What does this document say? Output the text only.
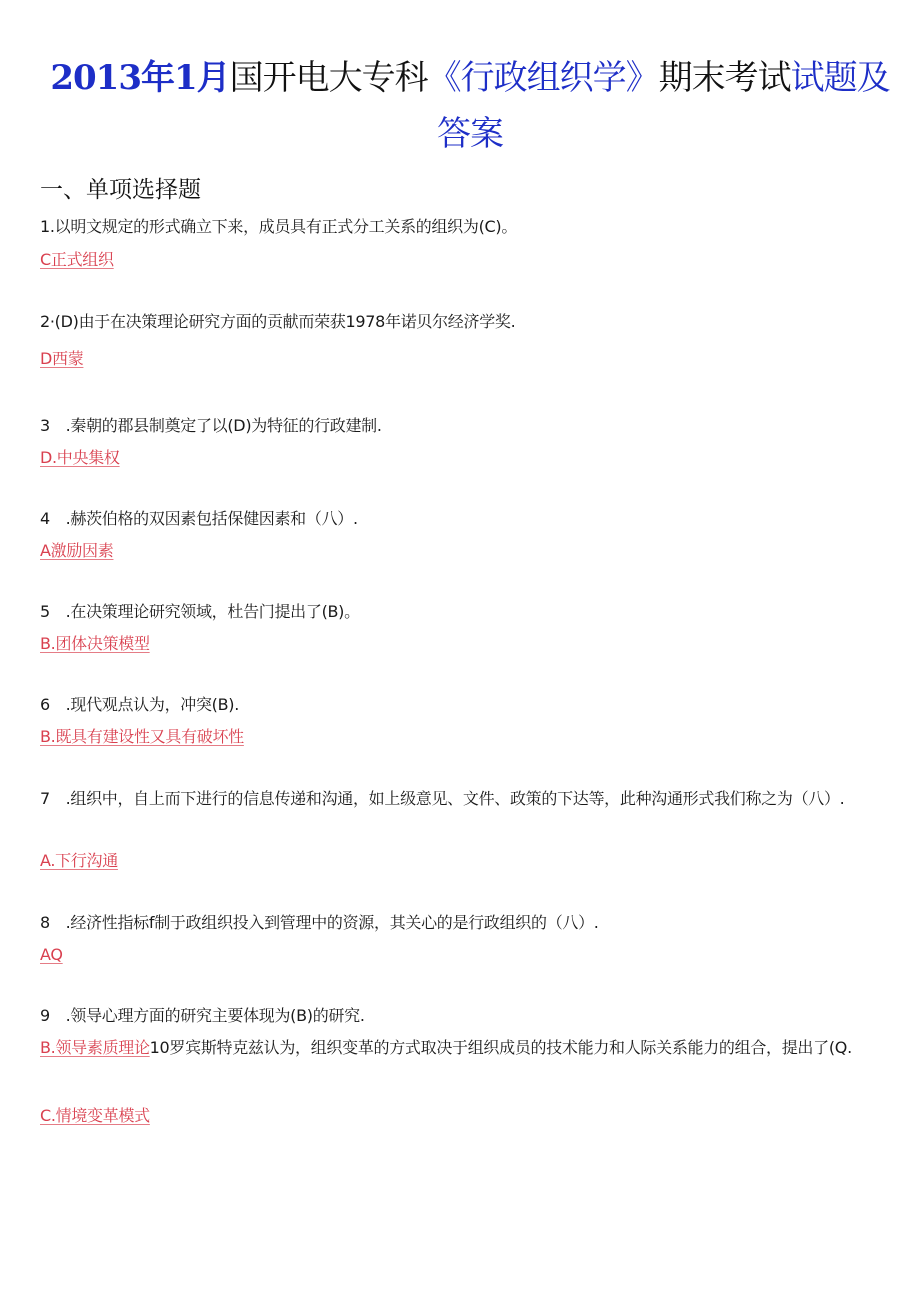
2013年1月国开电大专科《行政组织学》期末考试试题及
答案
一、单项选择题
1.以明文规定的形式确立下来，成员具有正式分工关系的组织为(C)。
C正式组织
2·(D)由于在决策理论研究方面的贡献而荣获1978年诺贝尔经济学奖.
D西蒙
3　.秦朝的郡县制奠定了以(D)为特征的行政建制.
D.中央集权
4　.赫茨伯格的双因素包括保健因素和（八）.
A激励因素
5　.在决策理论研究领域，杜告门提出了(B)。
B.团体决策模型
6　.现代观点认为，冲突(B).
B.既具有建设性又具有破坏性
7　.组织中，自上而下进行的信息传递和沟通，如上级意见、文件、政策的下达等，此种沟通形式我们称之为（八）.
A.下行沟通
8　.经济性指标f制于政组织投入到管理中的资源，其关心的是行政组织的（八）.
AQ
9　.领导心理方面的研究主要体现为(B)的研究.
B.领导素质理论10罗宾斯特克兹认为，组织变革的方式取决于组织成员的技术能力和人际关系能力的组合，提出了(Q.
C.情境变革模式
